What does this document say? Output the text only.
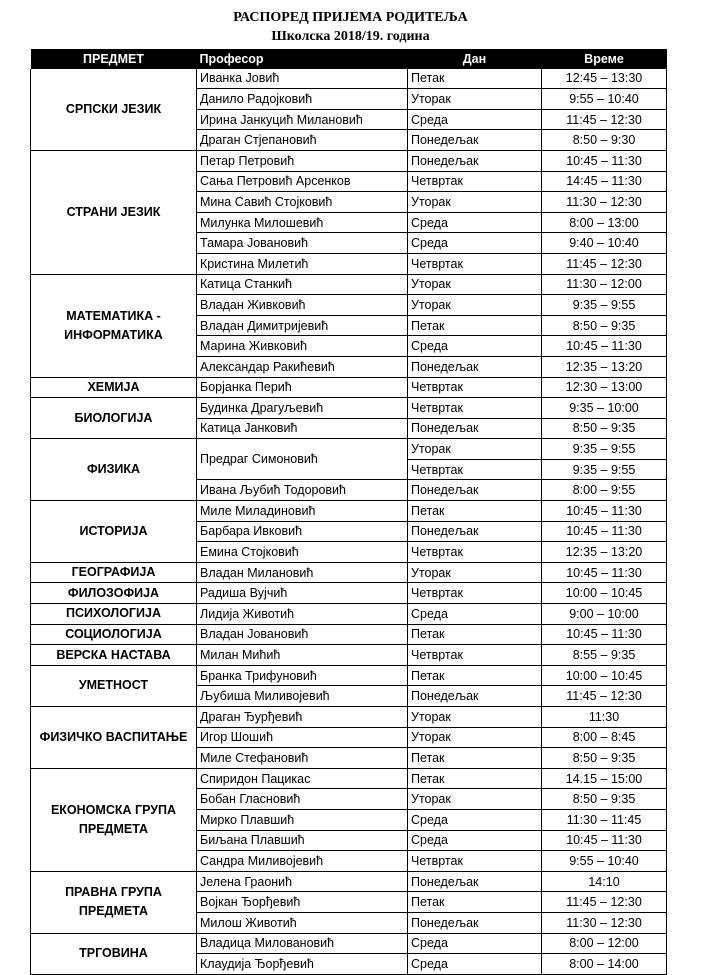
РАСПОРЕД ПРИЈЕМА РОДИТЕЉА
Школска 2018/19. година
ПРЕДМЕТ	Професор	Дан	Време
СРПСКИ ЈЕЗИК	Иванка Јовић	Петак	12:45 – 13:30
	Данило Радојковић	Уторак	9:55 – 10:40
	Ирина Јанкуцић Милановић	Среда	11:45 – 12:30
	Драган Стјепановић	Понедељак	8:50 – 9:30
СТРАНИ ЈЕЗИК	Петар Петровић	Понедељак	10:45 – 11:30
	Сања Петровић Арсенков	Четвртак	14:45 – 11:30
	Мина Савић Стојковић	Уторак	11:30 – 12:30
	Милунка Милошевић	Среда	8:00 – 13:00
	Тамара Јовановић	Среда	9:40 – 10:40
	Кристина Милетић	Четвртак	11:45 – 12:30
МАТЕМАТИКА - ИНФОРМАТИКА	Катица Станкић	Уторак	11:30 – 12:00
	Владан Живковић	Уторак	9:35 – 9:55
	Владан Димитријевић	Петак	8:50 – 9:35
	Марина Живковић	Среда	10:45 – 11:30
	Александар Ракићевић	Понедељак	12:35 – 13:20
ХЕМИЈА	Борјанка Перић	Четвртак	12:30 – 13:00
БИОЛОГИЈА	Будинка Драгуљевић	Четвртак	9:35 – 10:00
	Катица Јанковић	Понедељак	8:50 – 9:35
ФИЗИКА	Предраг Симоновић	Уторак	9:35 – 9:55
		Четвртак	9:35 – 9:55
	Ивана Љубић Тодоровић	Понедељак	8:00 – 9:55
ИСТОРИЈА	Миле Миладиновић	Петак	10:45 – 11:30
	Барбара Ивковић	Понедељак	10:45 – 11:30
	Емина Стојковић	Четвртак	12:35 – 13:20
ГЕОГРАФИЈА	Владан Милановић	Уторак	10:45 – 11:30
ФИЛОЗОФИЈА	Радиша Вујчић	Четвртак	10:00 – 10:45
ПСИХОЛОГИЈА	Лидија Животић	Среда	9:00 – 10:00
СОЦИОЛОГИЈА	Владан Јовановић	Петак	10:45 – 11:30
ВЕРСКА НАСТАВА	Милан Мићић	Четвртак	8:55 – 9:35
УМЕТНОСТ	Бранка Трифуновић	Петак	10:00 – 10:45
	Љубиша Миливојевић	Понедељак	11:45 – 12:30
ФИЗИЧКО ВАСПИТАЊЕ	Драган Ђурђевић	Уторак	11:30
	Игор Шошић	Уторак	8:00 – 8:45
	Миле Стефановић	Петак	8:50 – 9:35
ЕКОНОМСКА ГРУПА ПРЕДМЕТА	Спиридон Пацикас	Петак	14.15 – 15:00
	Бобан Гласновић	Уторак	8:50 – 9:35
	Мирко Плавшић	Среда	11:30 – 11:45
	Биљана Плавшић	Среда	10:45 – 11:30
	Сандра Миливојевић	Четвртак	9:55 – 10:40
ПРАВНА ГРУПА ПРЕДМЕТА	Јелена Граонић	Понедељак	14:10
	Војкан Ђорђевић	Петак	11:45 – 12:30
	Милош Животић	Понедељак	11:30 – 12:30
ТРГОВИНА	Владица Миловановић	Среда	8:00 – 12:00
	Клаудија Ђорђевић	Среда	8:00 – 14:00
